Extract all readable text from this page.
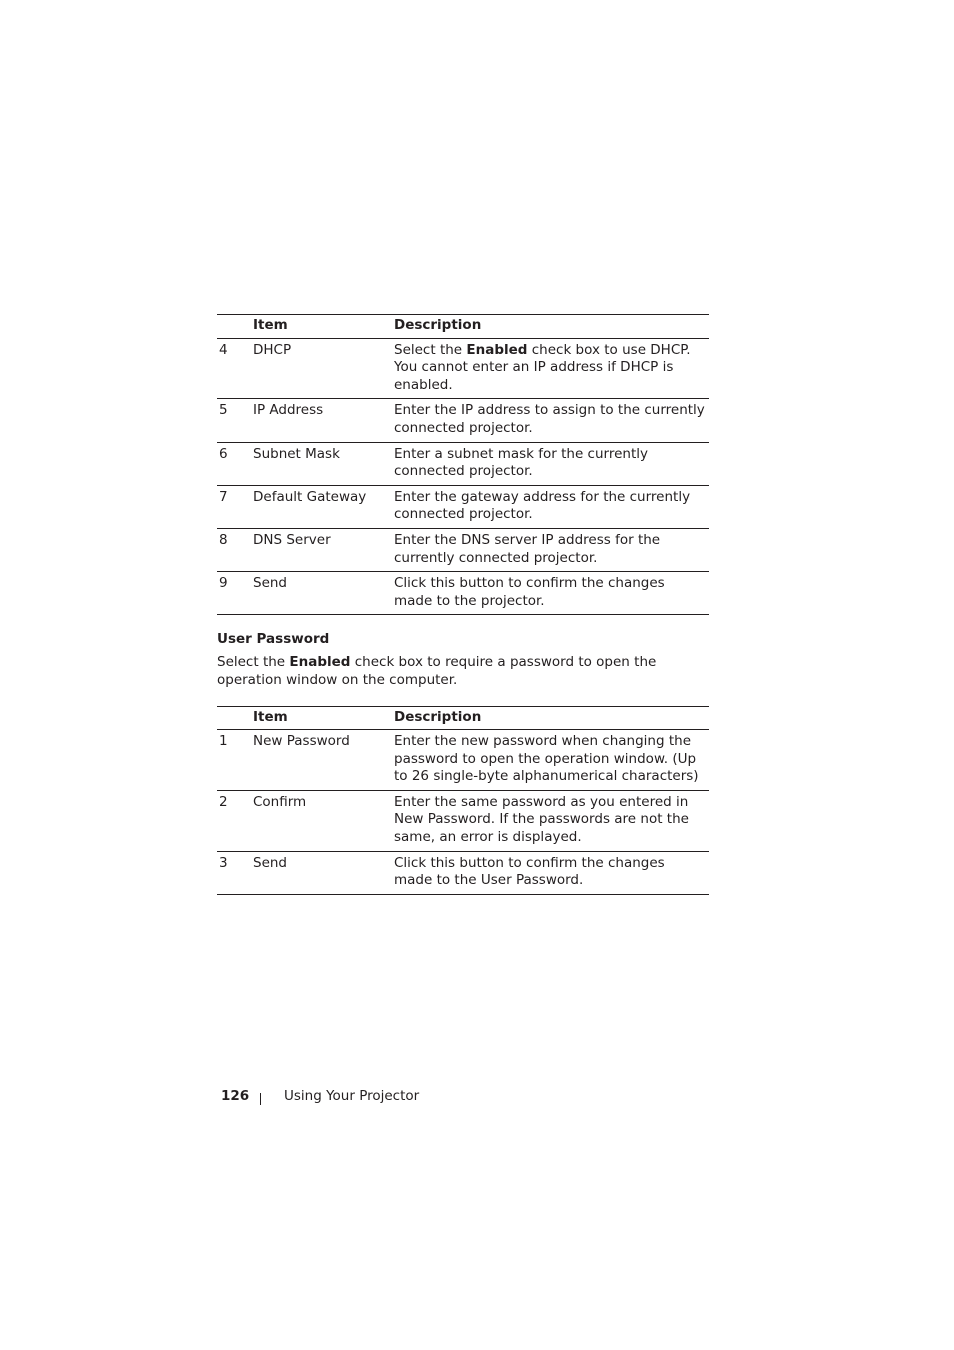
	Item	Description
4	DHCP	Select the Enabled check box to use DHCP. You cannot enter an IP address if DHCP is enabled.
5	IP Address	Enter the IP address to assign to the currently connected projector.
6	Subnet Mask	Enter a subnet mask for the currently connected projector.
7	Default Gateway	Enter the gateway address for the currently connected projector.
8	DNS Server	Enter the DNS server IP address for the currently connected projector.
9	Send	Click this button to confirm the changes made to the projector.
User Password

Select the Enabled check box to require a password to open the operation window on the computer.

	Item	Description
1	New Password	Enter the new password when changing the password to open the operation window. (Up to 26 single-byte alphanumerical characters)
2	Confirm	Enter the same password as you entered in New Password. If the passwords are not the same, an error is displayed.
3	Send	Click this button to confirm the changes made to the User Password.
126	Using Your Projector
